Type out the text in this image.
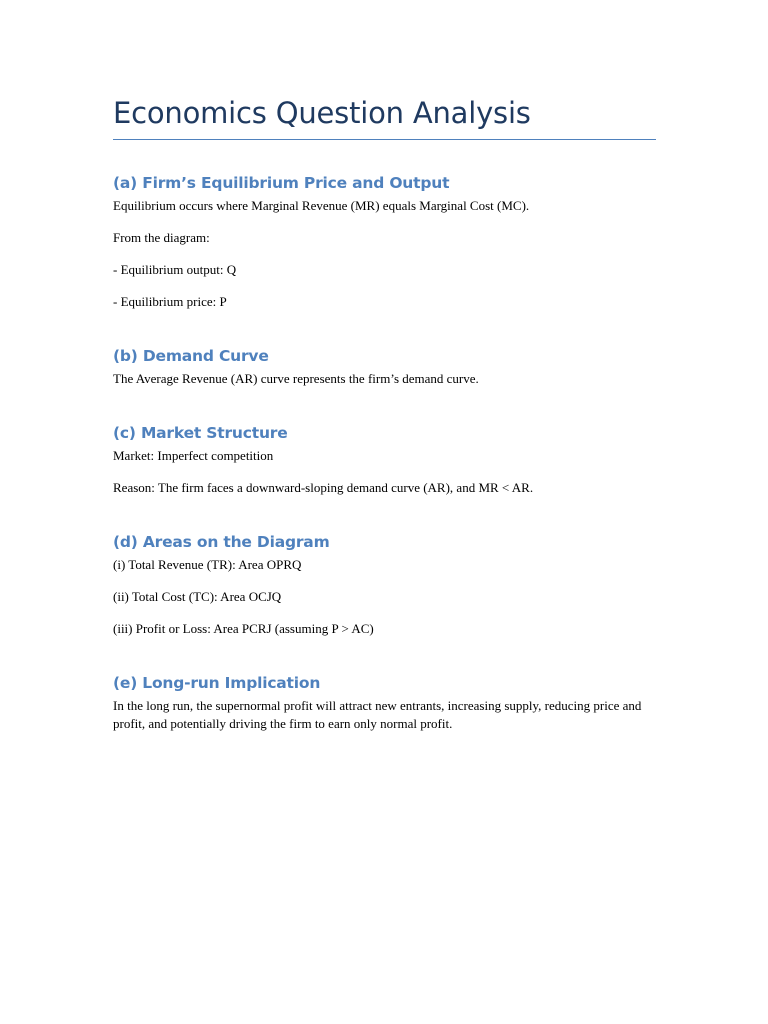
Economics Question Analysis
(a) Firm’s Equilibrium Price and Output

Equilibrium occurs where Marginal Revenue (MR) equals Marginal Cost (MC).

From the diagram:

- Equilibrium output: Q

- Equilibrium price: P

(b) Demand Curve

The Average Revenue (AR) curve represents the firm’s demand curve.

(c) Market Structure

Market: Imperfect competition

Reason: The firm faces a downward-sloping demand curve (AR), and MR < AR.

(d) Areas on the Diagram

(i) Total Revenue (TR): Area OPRQ

(ii) Total Cost (TC): Area OCJQ

(iii) Profit or Loss: Area PCRJ (assuming P > AC)

(e) Long-run Implication

In the long run, the supernormal profit will attract new entrants, increasing supply, reducing price and profit, and potentially driving the firm to earn only normal profit.
